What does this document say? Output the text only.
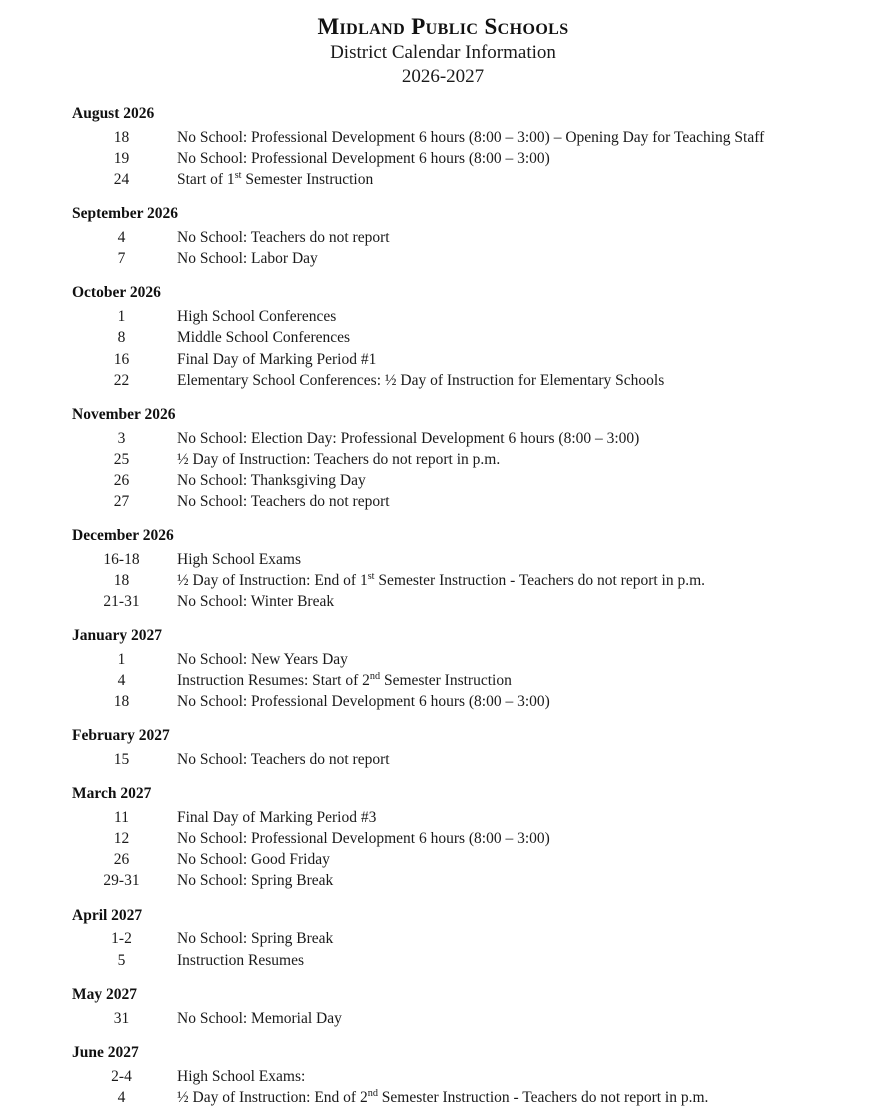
Midland Public Schools
District Calendar Information
2026-2027
August 2026
18	No School: Professional Development 6 hours (8:00 – 3:00) – Opening Day for Teaching Staff
19	No School: Professional Development 6 hours (8:00 – 3:00)
24	Start of 1st Semester Instruction
September 2026
4	No School: Teachers do not report
7	No School: Labor Day
October 2026
1	High School Conferences
8	Middle School Conferences
16	Final Day of Marking Period #1
22	Elementary School Conferences: ½ Day of Instruction for Elementary Schools
November 2026
3	No School: Election Day: Professional Development 6 hours (8:00 – 3:00)
25	½ Day of Instruction: Teachers do not report in p.m.
26	No School: Thanksgiving Day
27	No School: Teachers do not report
December 2026
16-18	High School Exams
18	½ Day of Instruction: End of 1st Semester Instruction - Teachers do not report in p.m.
21-31	No School: Winter Break
January 2027
1	No School: New Years Day
4	Instruction Resumes: Start of 2nd Semester Instruction
18	No School: Professional Development 6 hours (8:00 – 3:00)
February 2027
15	No School: Teachers do not report
March 2027
11	Final Day of Marking Period #3
12	No School: Professional Development 6 hours (8:00 – 3:00)
26	No School: Good Friday
29-31	No School: Spring Break
April 2027
1-2	No School: Spring Break
5	Instruction Resumes
May 2027
31	No School: Memorial Day
June 2027
2-4	High School Exams:
4	½ Day of Instruction: End of 2nd Semester Instruction - Teachers do not report in p.m.
